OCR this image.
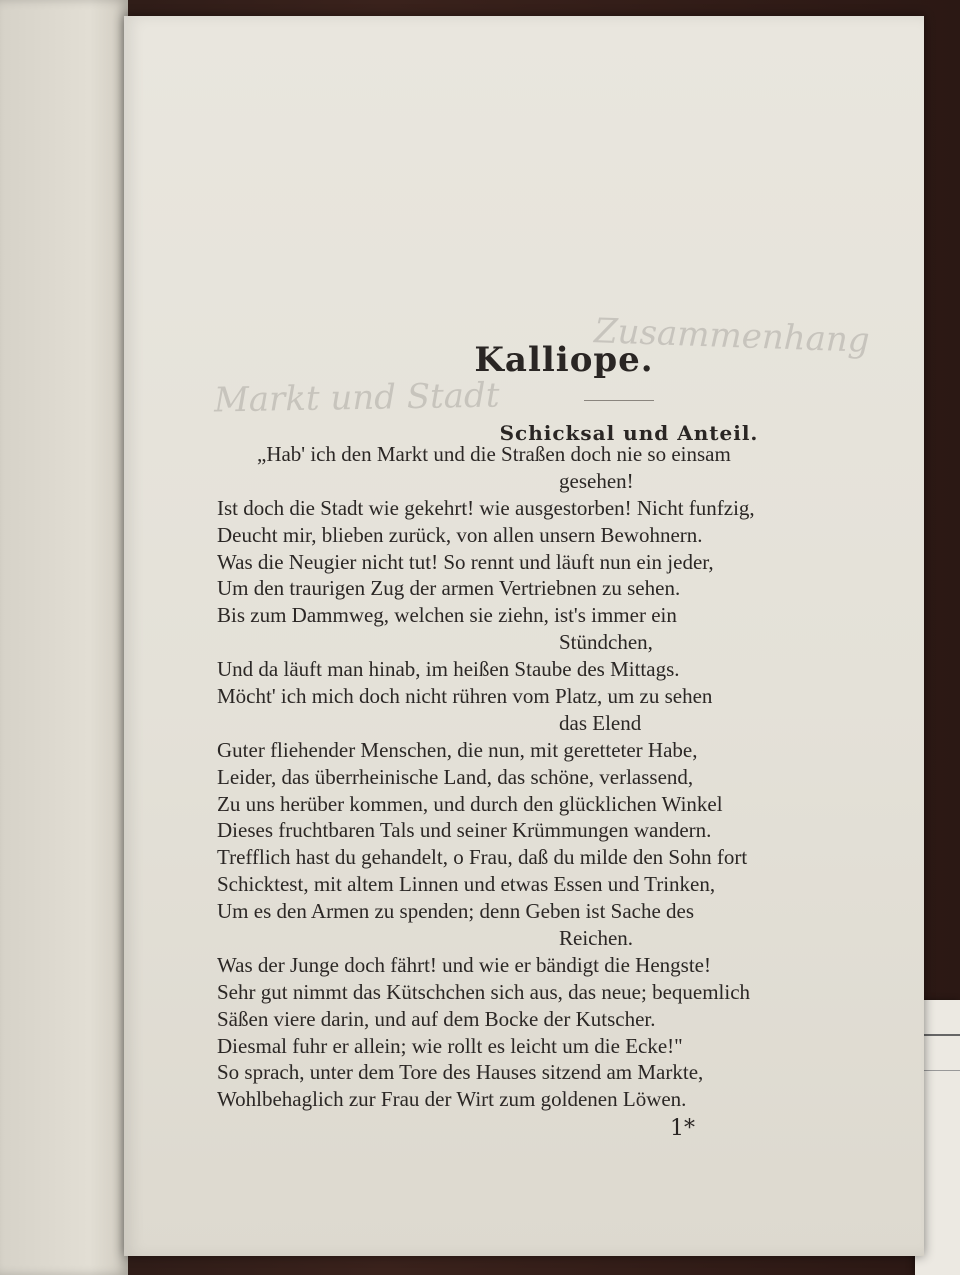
Zusammenhang
Markt und Stadt
Kalliope.
Schicksal und Anteil.
„Hab' ich den Markt und die Straßen doch nie so einsam
gesehen!
Ist doch die Stadt wie gekehrt! wie ausgestorben! Nicht funfzig,
Deucht mir, blieben zurück, von allen unsern Bewohnern.
Was die Neugier nicht tut! So rennt und läuft nun ein jeder,
Um den traurigen Zug der armen Vertriebnen zu sehen.
Bis zum Dammweg, welchen sie ziehn, ist's immer ein
Stündchen,
Und da läuft man hinab, im heißen Staube des Mittags.
Möcht' ich mich doch nicht rühren vom Platz, um zu sehen
das Elend
Guter fliehender Menschen, die nun, mit geretteter Habe,
Leider, das überrheinische Land, das schöne, verlassend,
Zu uns herüber kommen, und durch den glücklichen Winkel
Dieses fruchtbaren Tals und seiner Krümmungen wandern.
Trefflich hast du gehandelt, o Frau, daß du milde den Sohn fort
Schicktest, mit altem Linnen und etwas Essen und Trinken,
Um es den Armen zu spenden; denn Geben ist Sache des
Reichen.
Was der Junge doch fährt! und wie er bändigt die Hengste!
Sehr gut nimmt das Kütschchen sich aus, das neue; bequemlich
Säßen viere darin, und auf dem Bocke der Kutscher.
Diesmal fuhr er allein; wie rollt es leicht um die Ecke!"
So sprach, unter dem Tore des Hauses sitzend am Markte,
Wohlbehaglich zur Frau der Wirt zum goldenen Löwen.
1*
